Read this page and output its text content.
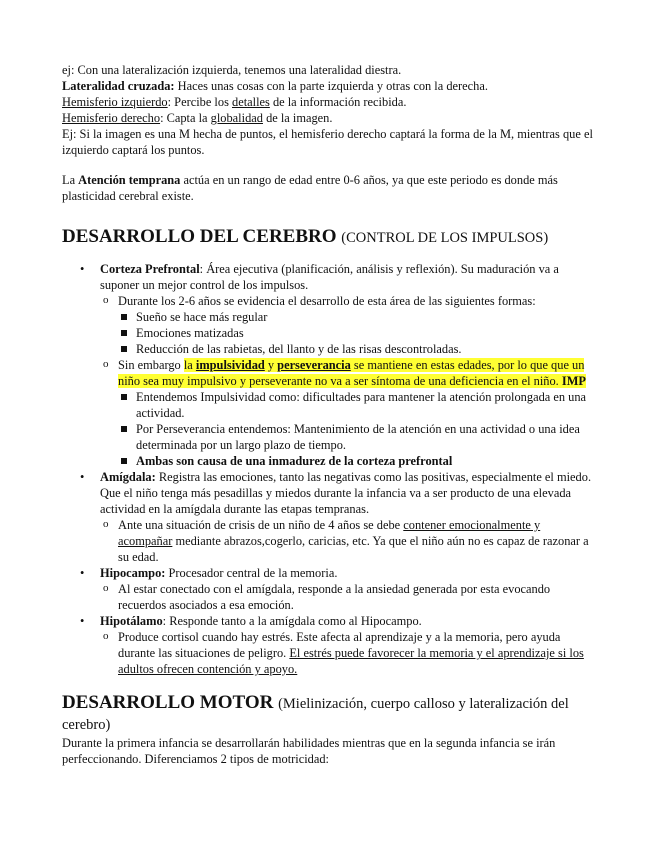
ej: Con una lateralización izquierda, tenemos una lateralidad diestra.

Lateralidad cruzada: Haces unas cosas con la parte izquierda y otras con la derecha.

Hemisferio izquierdo: Percibe los detalles de la información recibida.

Hemisferio derecho: Capta la globalidad de la imagen.

Ej: Si la imagen es una M hecha de puntos, el hemisferio derecho captará la forma de la M, mientras que el izquierdo captará los puntos.

La Atención temprana actúa en un rango de edad entre 0-6 años, ya que este periodo es donde más plasticidad cerebral existe.

DESARROLLO DEL CEREBRO (CONTROL DE LOS IMPULSOS)
• Corteza Prefrontal: Área ejecutiva (planificación, análisis y reflexión). Su maduración va a suponer un mejor control de los impulsos.
o Durante los 2-6 años se evidencia el desarrollo de esta área de las siguientes formas:
Sueño se hace más regular
Emociones matizadas
Reducción de las rabietas, del llanto y de las risas descontroladas.
o Sin embargo la impulsividad y perseverancia se mantiene en estas edades, por lo que que un niño sea muy impulsivo y perseverante no va a ser síntoma de una deficiencia en el niño. IMP
Entendemos Impulsividad como: dificultades para mantener la atención prolongada en una actividad.
Por Perseverancia entendemos: Mantenimiento de la atención en una actividad o una idea determinada por un largo plazo de tiempo.
Ambas son causa de una inmadurez de la corteza prefrontal
• Amígdala: Registra las emociones, tanto las negativas como las positivas, especialmente el miedo. Que el niño tenga más pesadillas y miedos durante la infancia va a ser producto de una elevada actividad en la amígdala durante las etapas tempranas.
o Ante una situación de crisis de un niño de 4 años se debe contener emocionalmente y acompañar mediante abrazos,cogerlo, caricias, etc. Ya que el niño aún no es capaz de razonar a su edad.
• Hipocampo: Procesador central de la memoria.
o Al estar conectado con el amígdala, responde a la ansiedad generada por esta evocando recuerdos asociados a esa emoción.
• Hipotálamo: Responde tanto a la amígdala como al Hipocampo.
o Produce cortisol cuando hay estrés. Este afecta al aprendizaje y a la memoria, pero ayuda durante las situaciones de peligro. El estrés puede favorecer la memoria y el aprendizaje si los adultos ofrecen contención y apoyo.
DESARROLLO MOTOR (Mielinización, cuerpo calloso y lateralización del cerebro)

Durante la primera infancia se desarrollarán habilidades mientras que en la segunda infancia se irán perfeccionando. Diferenciamos 2 tipos de motricidad:
